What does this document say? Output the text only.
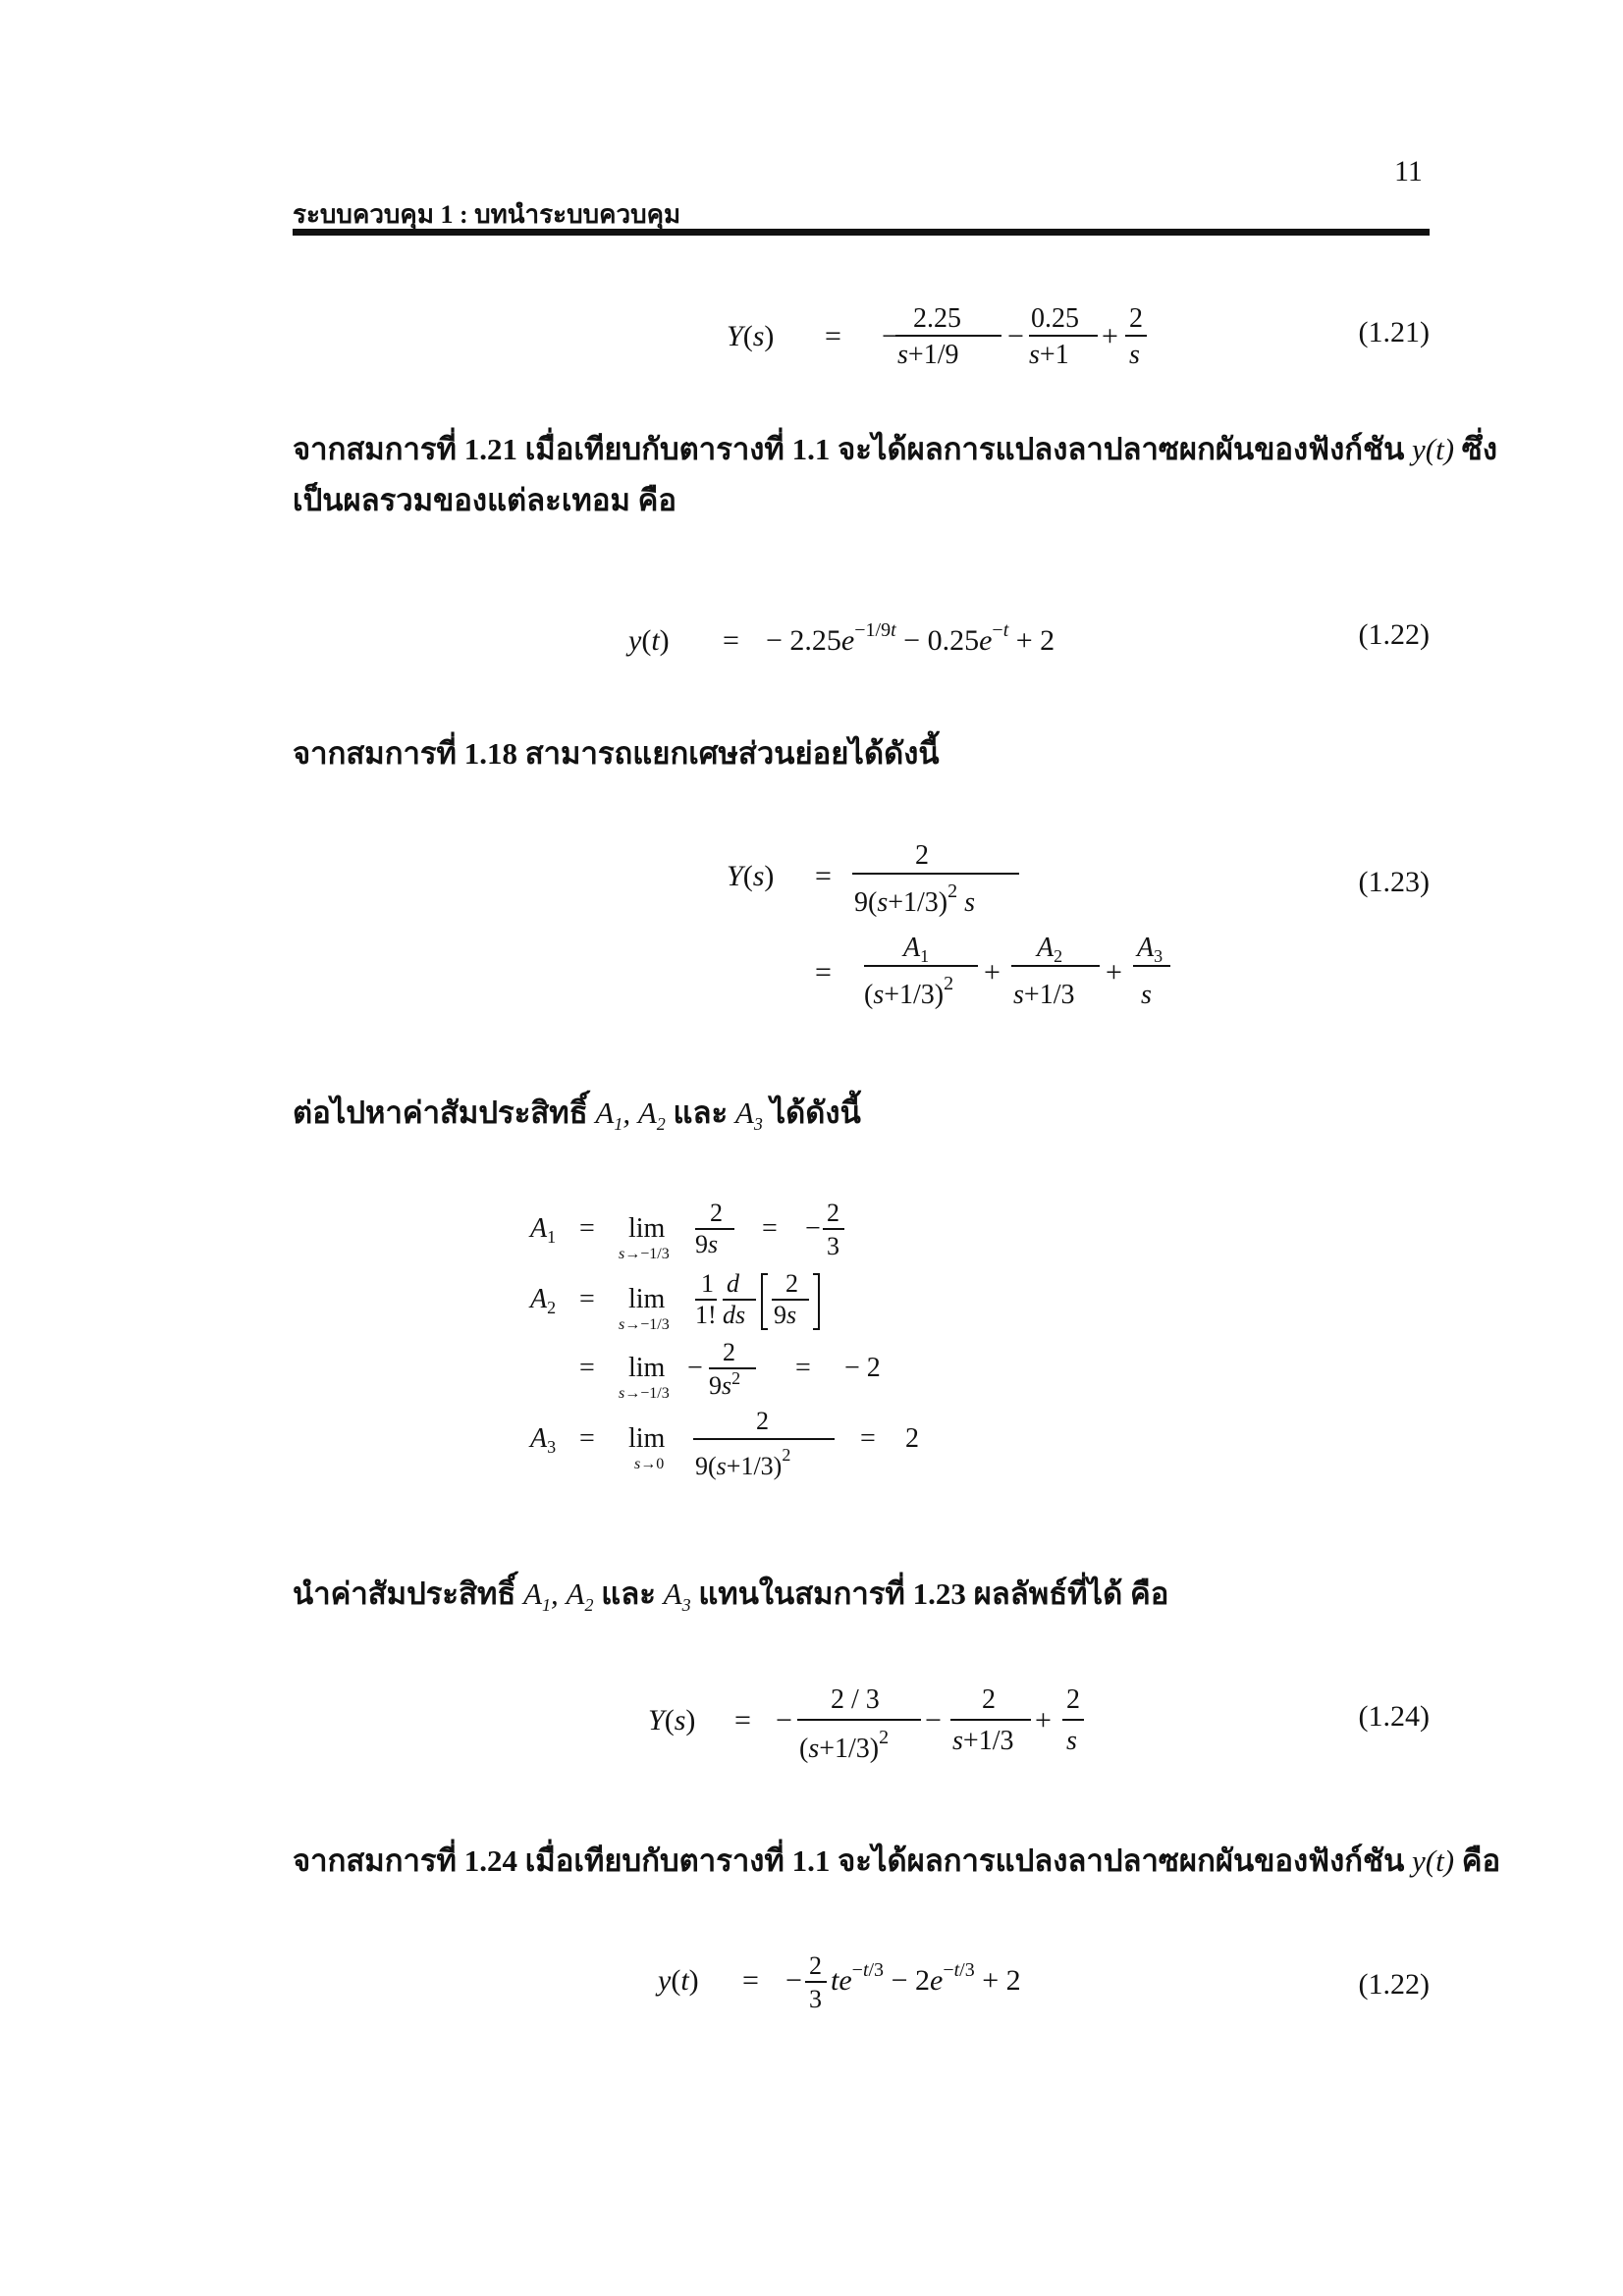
11
ระบบควบคุม 1 : บทนำระบบควบคุม
Y(s) = −
2.25
s+1/9
−
0.25
s+1
+
2
s
(1.21)
จากสมการที่ 1.21 เมื่อเทียบกับตารางที่ 1.1 จะได้ผลการแปลงลาปลาซผกผันของฟังก์ชัน y(t) ซึ่ง
เป็นผลรวมของแต่ละเทอม คือ
y(t) = − $2.25e^{-1/9t} - 0.25e^{-t} + 2$	(1.22)
จากสมการที่ 1.18 สามารถแยกเศษส่วนย่อยได้ดังนี้
Y(s) =
2
$9(s+1/3)^2$ s
=
$A_1$
$(s+1/3)^2$ +
$A_2$
s+1/3
+
$A_3$
s
(1.23)
ต่อไปหาค่าสัมประสิทธิ์ $A_1$, $A_2$ และ $A_3$ ได้ดังนี้
$A_1 = \lim$
s→−1/3
2
9s
= −
2
3
$A_2 = \lim$
s→−1/3
1
1!
d
ds
2
9s
= lim
s→−1/3
−
2
$9s^2$ = − 2
$A_3 = \lim$
s→0
2
$9(s+1/3)^2$
= 2
นำค่าสัมประสิทธิ์ $A_1$, $A_2$ และ $A_3$ แทนในสมการที่ 1.23 ผลลัพธ์ที่ได้ คือ
Y(s) = −
2 / 3
$(s+1/3)^2$
−
2
s+1/3
+
2
s
(1.24)
จากสมการที่ 1.24 เมื่อเทียบกับตารางที่ 1.1 จะได้ผลการแปลงลาปลาซผกผันของฟังก์ชัน y(t) คือ
y(t) = − 2
3
$te^{-t/3} - 2e^{-t/3} + 2$	(1.22)
